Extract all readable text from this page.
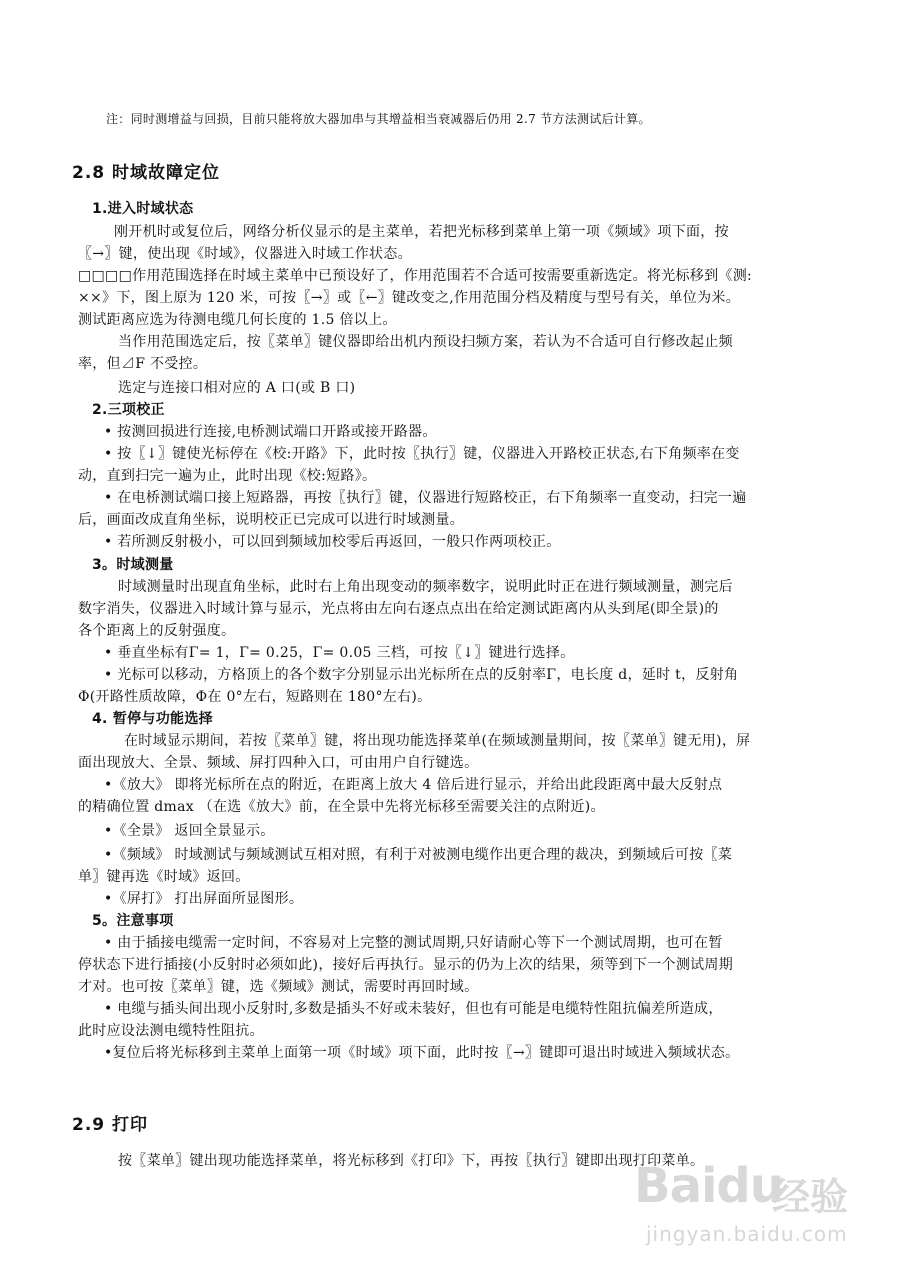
注：同时测增益与回损，目前只能将放大器加串与其增益相当衰减器后仍用 2.7 节方法测试后计算。
2.8 时域故障定位
1.进入时域状态
刚开机时或复位后，网络分析仪显示的是主菜单，若把光标移到菜单上第一项《频域》项下面，按
〖→〗键，使出现《时域》，仪器进入时域工作状态。
□□□□作用范围选择在时域主菜单中已预设好了，作用范围若不合适可按需要重新选定。将光标移到《测:
××》下，图上原为 120 米，可按〖→〗或〖←〗键改变之,作用范围分档及精度与型号有关，单位为米。
测试距离应选为待测电缆几何长度的 1.5 倍以上。
当作用范围选定后，按〖菜单〗键仪器即给出机内预设扫频方案，若认为不合适可自行修改起止频
率，但⊿F 不受控。
选定与连接口相对应的 A 口(或 B 口)
2.三项校正
• 按测回损进行连接,电桥测试端口开路或接开路器。
• 按〖↓〗键使光标停在《校:开路》下，此时按〖执行〗键，仪器进入开路校正状态,右下角频率在变
动，直到扫完一遍为止，此时出现《校:短路》。
• 在电桥测试端口接上短路器，再按〖执行〗键，仪器进行短路校正，右下角频率一直变动，扫完一遍
后，画面改成直角坐标，说明校正已完成可以进行时域测量。
• 若所测反射极小，可以回到频域加校零后再返回，一般只作两项校正。
3。时域测量
时域测量时出现直角坐标，此时右上角出现变动的频率数字，说明此时正在进行频域测量，测完后
数字消失，仪器进入时域计算与显示，光点将由左向右逐点点出在给定测试距离内从头到尾(即全景)的
各个距离上的反射强度。
• 垂直坐标有Γ= 1，Γ= 0.25，Γ= 0.05 三档，可按〖↓〗键进行选择。
• 光标可以移动，方格顶上的各个数字分别显示出光标所在点的反射率Γ，电长度 d，延时 t，反射角
Φ(开路性质故障，Φ在 0°左右，短路则在 180°左右)。
4. 暂停与功能选择
在时域显示期间，若按〖菜单〗键，将出现功能选择菜单(在频域测量期间，按〖菜单〗键无用)，屏
面出现放大、全景、频域、屏打四种入口，可由用户自行键选。
•《放大》 即将光标所在点的附近，在距离上放大 4 倍后进行显示，并给出此段距离中最大反射点
的精确位置 dmax （在选《放大》前，在全景中先将光标移至需要关注的点附近)。
•《全景》 返回全景显示。
•《频域》 时域测试与频域测试互相对照，有利于对被测电缆作出更合理的裁决，到频域后可按〖菜
单〗键再选《时域》返回。
•《屏打》 打出屏面所显图形。
5。注意事项
• 由于插接电缆需一定时间，不容易对上完整的测试周期,只好请耐心等下一个测试周期，也可在暂
停状态下进行插接(小反射时必须如此)，接好后再执行。显示的仍为上次的结果，须等到下一个测试周期
才对。也可按〖菜单〗键，选《频域》测试，需要时再回时域。
• 电缆与插头间出现小反射时,多数是插头不好或未装好，但也有可能是电缆特性阻抗偏差所造成，
此时应设法测电缆特性阻抗。
•复位后将光标移到主菜单上面第一项《时域》项下面，此时按〖→〗键即可退出时域进入频域状态。
2.9 打印
按〖菜单〗键出现功能选择菜单，将光标移到《打印》下，再按〖执行〗键即出现打印菜单。
Baidu
经验
jingyan.baidu.com
